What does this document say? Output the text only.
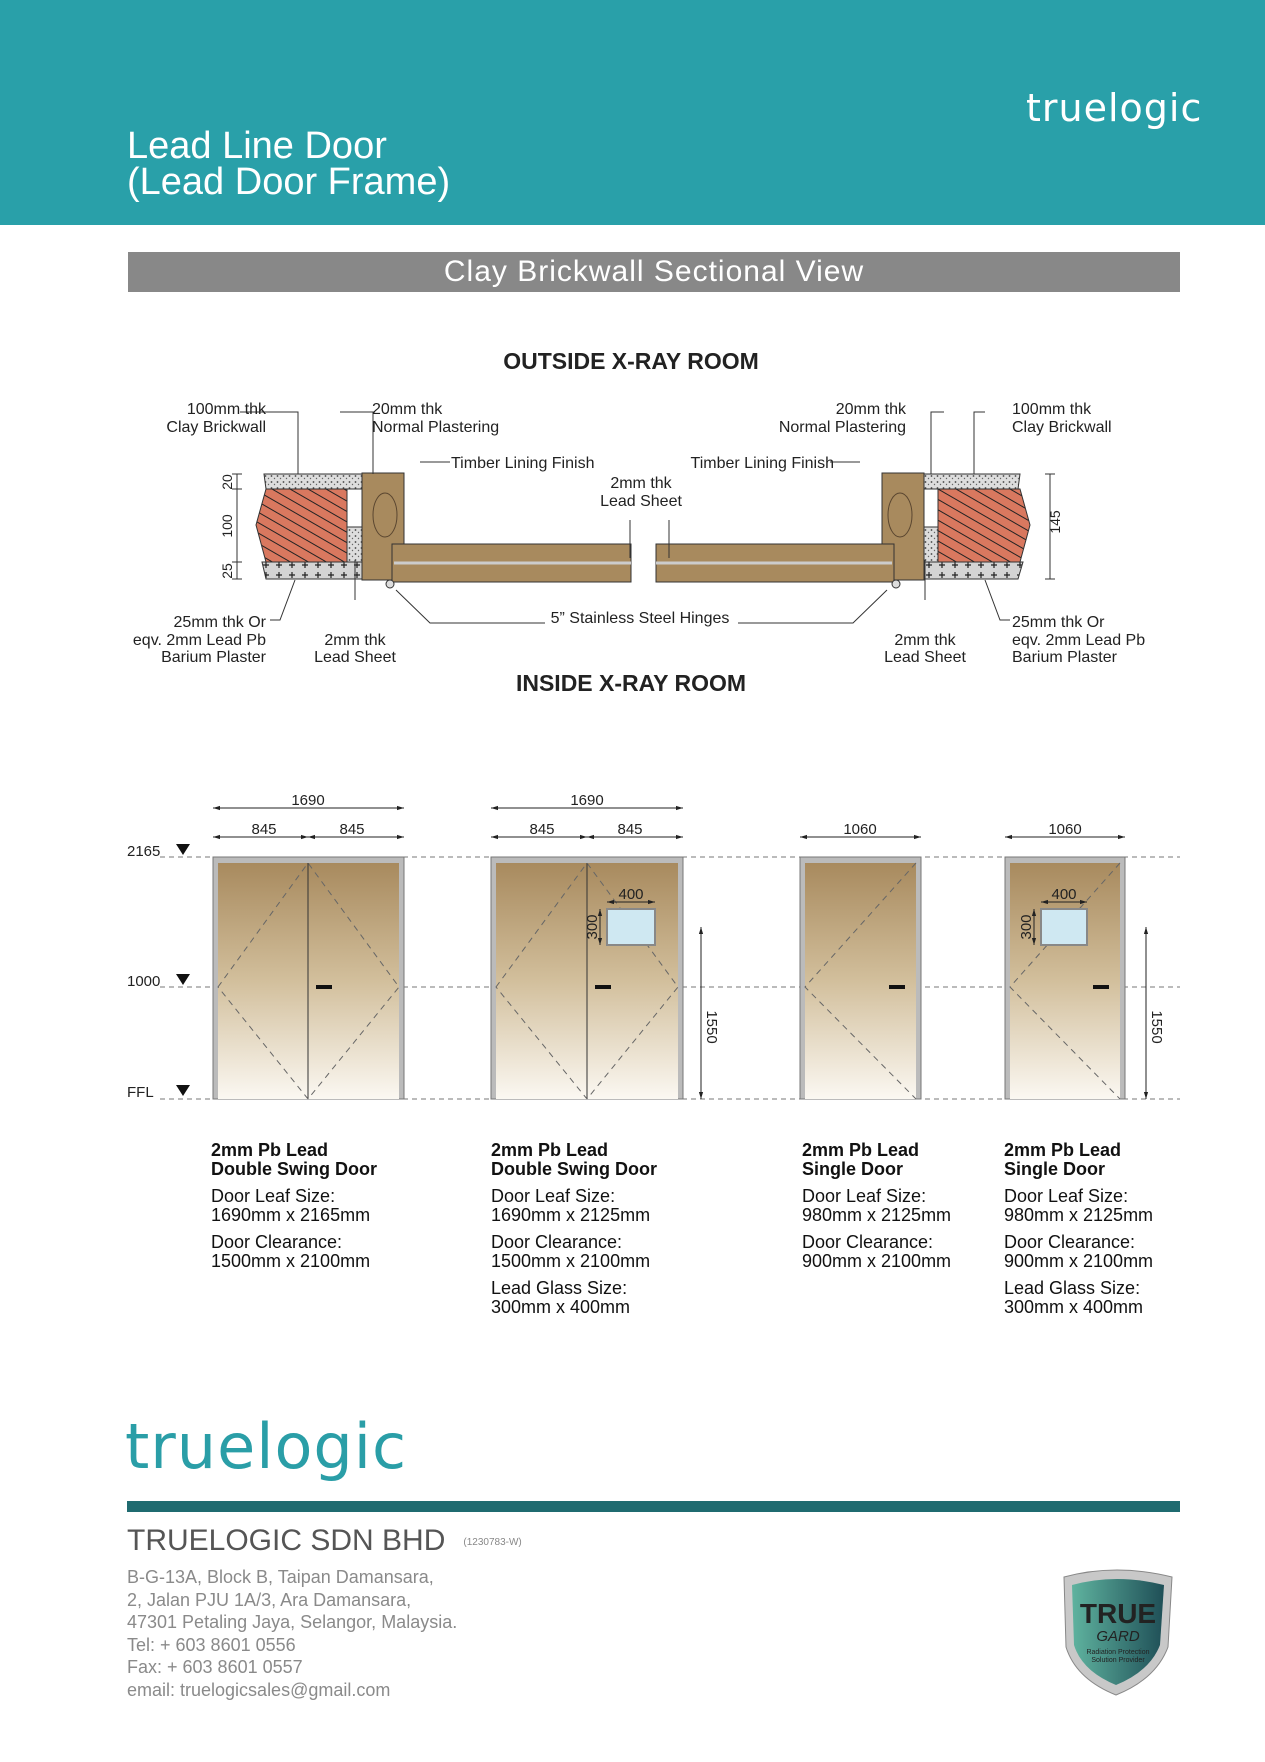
Lead Line Door
(Lead Door Frame)
truelogic
Clay Brickwall Sectional View
OUTSIDE X-RAY ROOM
100mm thk
Clay Brickwall
20mm thk
Normal Plastering
Timber Lining Finish	Timber Lining Finish
2mm thk
Lead Sheet
20mm thk
Normal Plastering
100mm thk
Clay Brickwall
5” Stainless Steel Hinges
25mm thk Or
eqv. 2mm Lead Pb
Barium Plaster
2mm thk
Lead Sheet
2mm thk
Lead Sheet
25mm thk Or
eqv. 2mm Lead Pb
Barium Plaster
20
100
25
145
INSIDE X-RAY ROOM
2165
1000
FFL
1690
845	845
1690
845	845	1060	1060
400	400
300	300
1550	1550
2mm Pb Lead
Double Swing Door
Door Leaf Size:
1690mm x 2165mm
Door Clearance:
1500mm x 2100mm
2mm Pb Lead
Double Swing Door
Door Leaf Size:
1690mm x 2125mm
Door Clearance:
1500mm x 2100mm
Lead Glass Size:
300mm x 400mm
2mm Pb Lead
Single Door
Door Leaf Size:
980mm x 2125mm
Door Clearance:
900mm x 2100mm
2mm Pb Lead
Single Door
Door Leaf Size:
980mm x 2125mm
Door Clearance:
900mm x 2100mm
Lead Glass Size:
300mm x 400mm
truelogic
TRUELOGIC SDN BHD (1230783-W)
B-G-13A, Block B, Taipan Damansara,
2, Jalan PJU 1A/3, Ara Damansara,
47301 Petaling Jaya, Selangor, Malaysia.
Tel: + 603 8601 0556
Fax: + 603 8601 0557
email: truelogicsales@gmail.com
TRUE
GARD
Radiation Protection
Solution Provider
